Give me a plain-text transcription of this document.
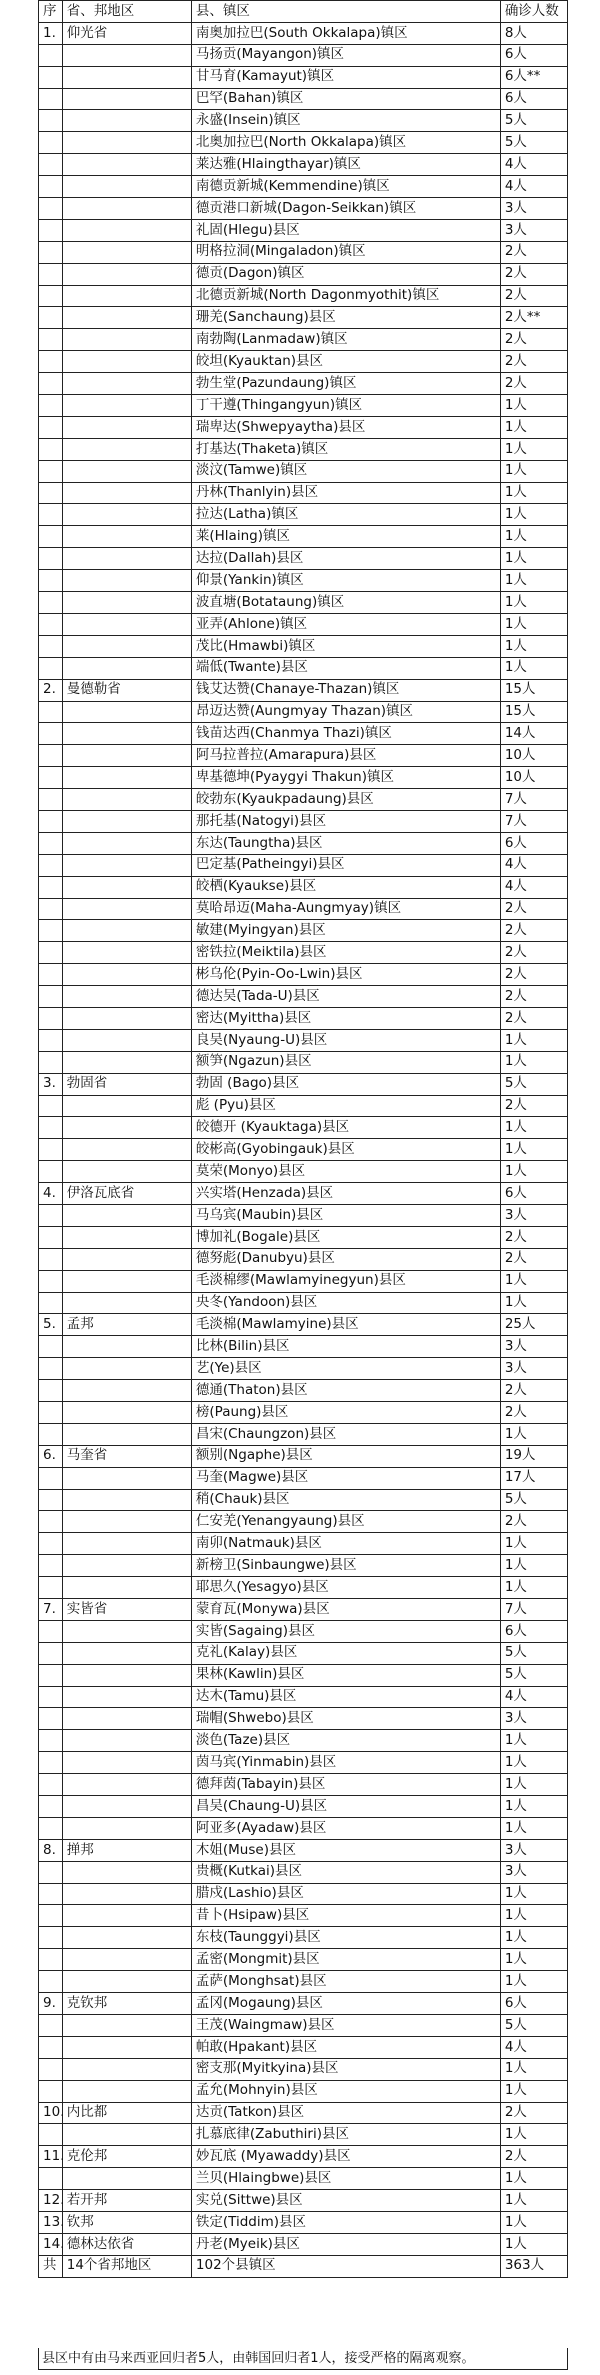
序	省、邦地区	县、镇区	确诊人数
1.	仰光省	南奥加拉巴(South Okkalapa)镇区	8人
		马扬贡(Mayangon)镇区	6人
		甘马育(Kamayut)镇区	6人**
		巴罕(Bahan)镇区	6人
		永盛(Insein)镇区	5人
		北奥加拉巴(North Okkalapa)镇区	5人
		莱达雅(Hlaingthayar)镇区	4人
		南德贡新城(Kemmendine)镇区	4人
		德贡港口新城(Dagon-Seikkan)镇区	3人
		礼固(Hlegu)县区	3人
		明格拉洞(Mingaladon)镇区	2人
		德贡(Dagon)镇区	2人
		北德贡新城(North Dagonmyothit)镇区	2人
		珊羌(Sanchaung)县区	2人**
		南勃陶(Lanmadaw)镇区	2人
		皎坦(Kyauktan)县区	2人
		勃生堂(Pazundaung)镇区	2人
		丁干遵(Thingangyun)镇区	1人
		瑞卑达(Shwepyaytha)县区	1人
		打基达(Thaketa)镇区	1人
		淡汶(Tamwe)镇区	1人
		丹林(Thanlyin)县区	1人
		拉达(Latha)镇区	1人
		莱(Hlaing)镇区	1人
		达拉(Dallah)县区	1人
		仰景(Yankin)镇区	1人
		波直塘(Botataung)镇区	1人
		亚弄(Ahlone)镇区	1人
		茂比(Hmawbi)镇区	1人
		端低(Twante)县区	1人
2.	曼德勒省	钱艾达赞(Chanaye-Thazan)镇区	15人
		昂迈达赞(Aungmyay Thazan)镇区	15人
		钱苗达西(Chanmya Thazi)镇区	14人
		阿马拉普拉(Amarapura)县区	10人
		卑基德坤(Pyaygyi Thakun)镇区	10人
		皎勃东(Kyaukpadaung)县区	7人
		那托基(Natogyi)县区	7人
		东达(Taungtha)县区	6人
		巴定基(Patheingyi)县区	4人
		皎栖(Kyaukse)县区	4人
		莫哈昂迈(Maha-Aungmyay)镇区	2人
		敏建(Myingyan)县区	2人
		密铁拉(Meiktila)县区	2人
		彬乌伦(Pyin-Oo-Lwin)县区	2人
		德达吴(Tada-U)县区	2人
		密达(Myittha)县区	2人
		良吴(Nyaung-U)县区	1人
		额笋(Ngazun)县区	1人
3.	勃固省	勃固 (Bago)县区	5人
		彪 (Pyu)县区	2人
		皎德开 (Kyauktaga)县区	1人
		皎彬高(Gyobingauk)县区	1人
		莫荣(Monyo)县区	1人
4.	伊洛瓦底省	兴实塔(Henzada)县区	6人
		马乌宾(Maubin)县区	3人
		博加礼(Bogale)县区	2人
		德努彪(Danubyu)县区	2人
		毛淡棉缪(Mawlamyinegyun)县区	1人
		央冬(Yandoon)县区	1人
5.	孟邦	毛淡棉(Mawlamyine)县区	25人
		比林(Bilin)县区	3人
		艺(Ye)县区	3人
		德通(Thaton)县区	2人
		榜(Paung)县区	2人
		昌宋(Chaungzon)县区	1人
6.	马奎省	额别(Ngaphe)县区	19人
		马奎(Magwe)县区	17人
		稍(Chauk)县区	5人
		仁安羌(Yenangyaung)县区	2人
		南卯(Natmauk)县区	1人
		新榜卫(Sinbaungwe)县区	1人
		耶思久(Yesagyo)县区	1人
7.	实皆省	蒙育瓦(Monywa)县区	7人
		实皆(Sagaing)县区	6人
		克礼(Kalay)县区	5人
		果林(Kawlin)县区	5人
		达木(Tamu)县区	4人
		瑞帽(Shwebo)县区	3人
		淡色(Taze)县区	1人
		茵马宾(Yinmabin)县区	1人
		德拜茵(Tabayin)县区	1人
		昌吴(Chaung-U)县区	1人
		阿亚多(Ayadaw)县区	1人
8.	掸邦	木姐(Muse)县区	3人
		贵概(Kutkai)县区	3人
		腊戍(Lashio)县区	1人
		昔卜(Hsipaw)县区	1人
		东枝(Taunggyi)县区	1人
		孟密(Mongmit)县区	1人
		孟萨(Monghsat)县区	1人
9.	克钦邦	孟冈(Mogaung)县区	6人
		王茂(Waingmaw)县区	5人
		帕敢(Hpakant)县区	4人
		密支那(Myitkyina)县区	1人
		孟允(Mohnyin)县区	1人
10.	内比都	达贡(Tatkon)县区	2人
		扎慕底律(Zabuthiri)县区	1人
11.	克伦邦	妙瓦底 (Myawaddy)县区	2人
		兰贝(Hlaingbwe)县区	1人
12.	若开邦	实兑(Sittwe)县区	1人
13.	钦邦	铁定(Tiddim)县区	1人
14.	德林达依省	丹老(Myeik)县区	1人
共	14个省邦地区	102个县镇区	363人
县区中有由马来西亚回归者5人，由韩国回归者1人，接受严格的隔离观察。
